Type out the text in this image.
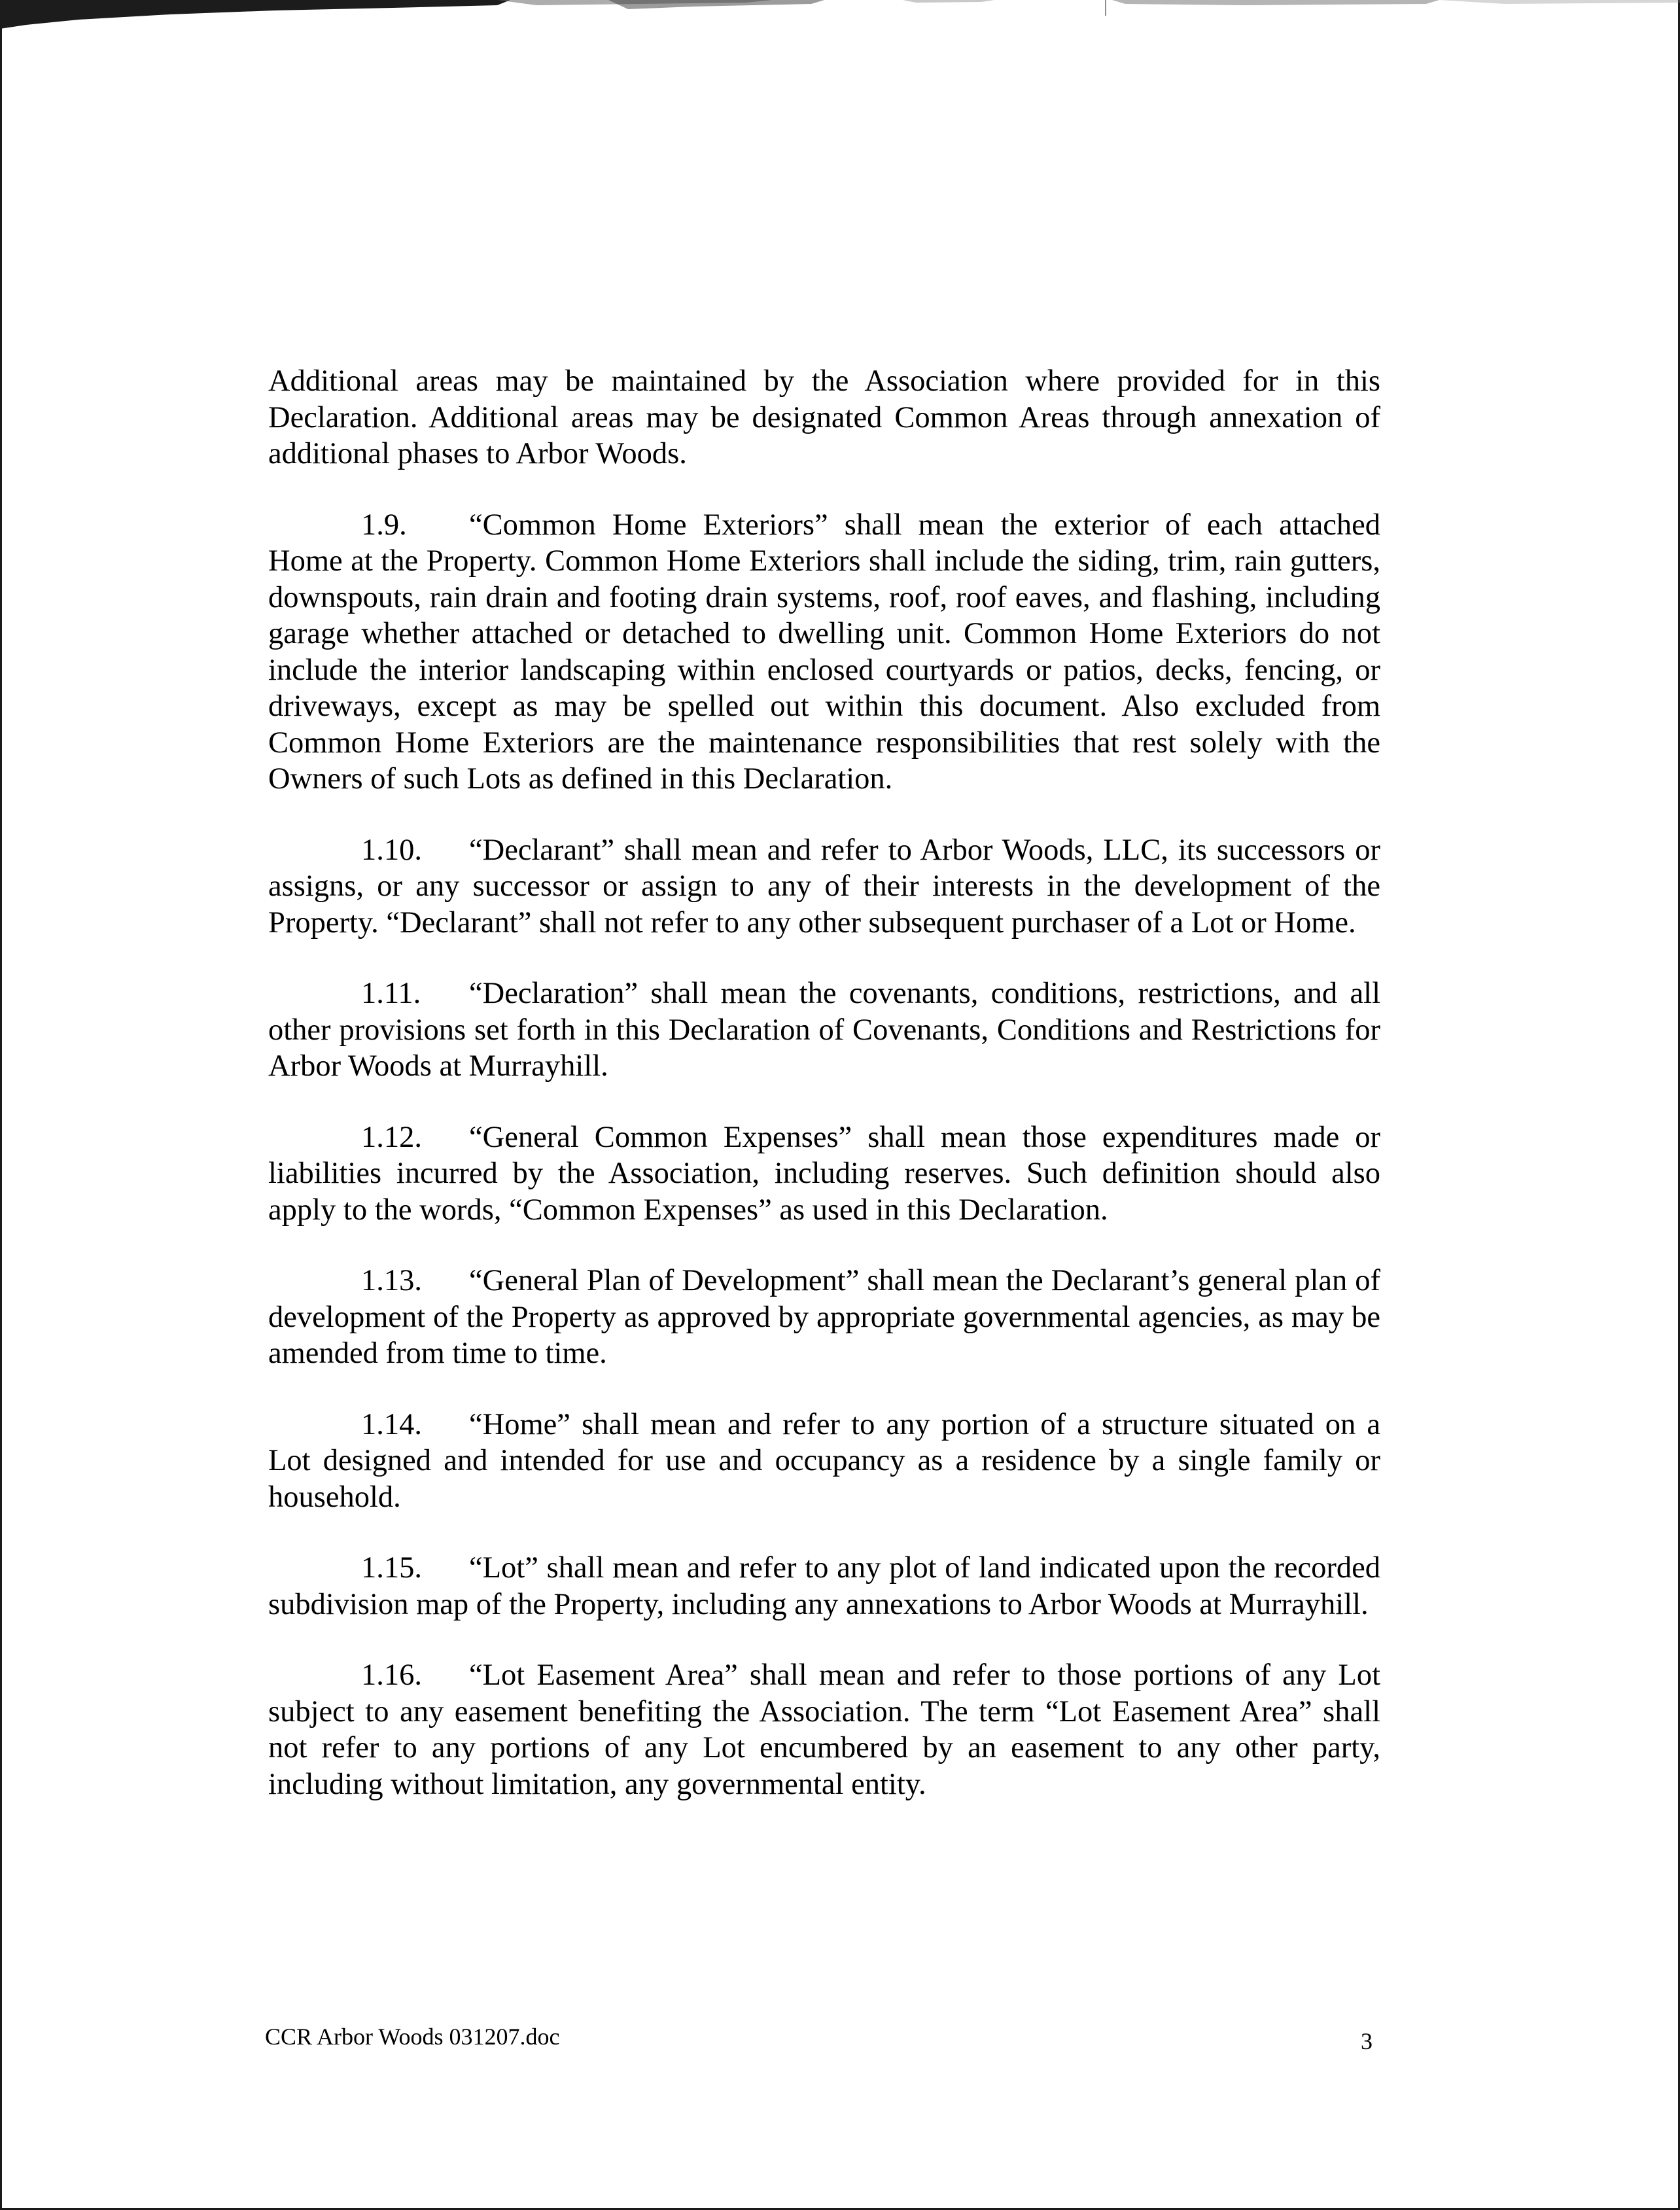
Additional areas may be maintained by the Association where provided for in this Declaration. Additional areas may be designated Common Areas through annexation of additional phases to Arbor Woods.

1.9. “Common Home Exteriors” shall mean the exterior of each attached Home at the Property. Common Home Exteriors shall include the siding, trim, rain gutters, downspouts, rain drain and footing drain systems, roof, roof eaves, and flashing, including garage whether attached or detached to dwelling unit. Common Home Exteriors do not include the interior landscaping within enclosed courtyards or patios, decks, fencing, or driveways, except as may be spelled out within this document. Also excluded from Common Home Exteriors are the maintenance responsibilities that rest solely with the Owners of such Lots as defined in this Declaration.

1.10. “Declarant” shall mean and refer to Arbor Woods, LLC, its successors or assigns, or any successor or assign to any of their interests in the development of the Property. “Declarant” shall not refer to any other subsequent purchaser of a Lot or Home.

1.11. “Declaration” shall mean the covenants, conditions, restrictions, and all other provisions set forth in this Declaration of Covenants, Conditions and Restrictions for Arbor Woods at Murrayhill.

1.12. “General Common Expenses” shall mean those expenditures made or liabilities incurred by the Association, including reserves. Such definition should also apply to the words, “Common Expenses” as used in this Declaration.

1.13. “General Plan of Development” shall mean the Declarant’s general plan of development of the Property as approved by appropriate governmental agencies, as may be amended from time to time.

1.14. “Home” shall mean and refer to any portion of a structure situated on a Lot designed and intended for use and occupancy as a residence by a single family or household.

1.15. “Lot” shall mean and refer to any plot of land indicated upon the recorded subdivision map of the Property, including any annexations to Arbor Woods at Murrayhill.

1.16. “Lot Easement Area” shall mean and refer to those portions of any Lot subject to any easement benefiting the Association. The term “Lot Easement Area” shall not refer to any portions of any Lot encumbered by an easement to any other party, including without limitation, any governmental entity.

CCR Arbor Woods 031207.doc	3
